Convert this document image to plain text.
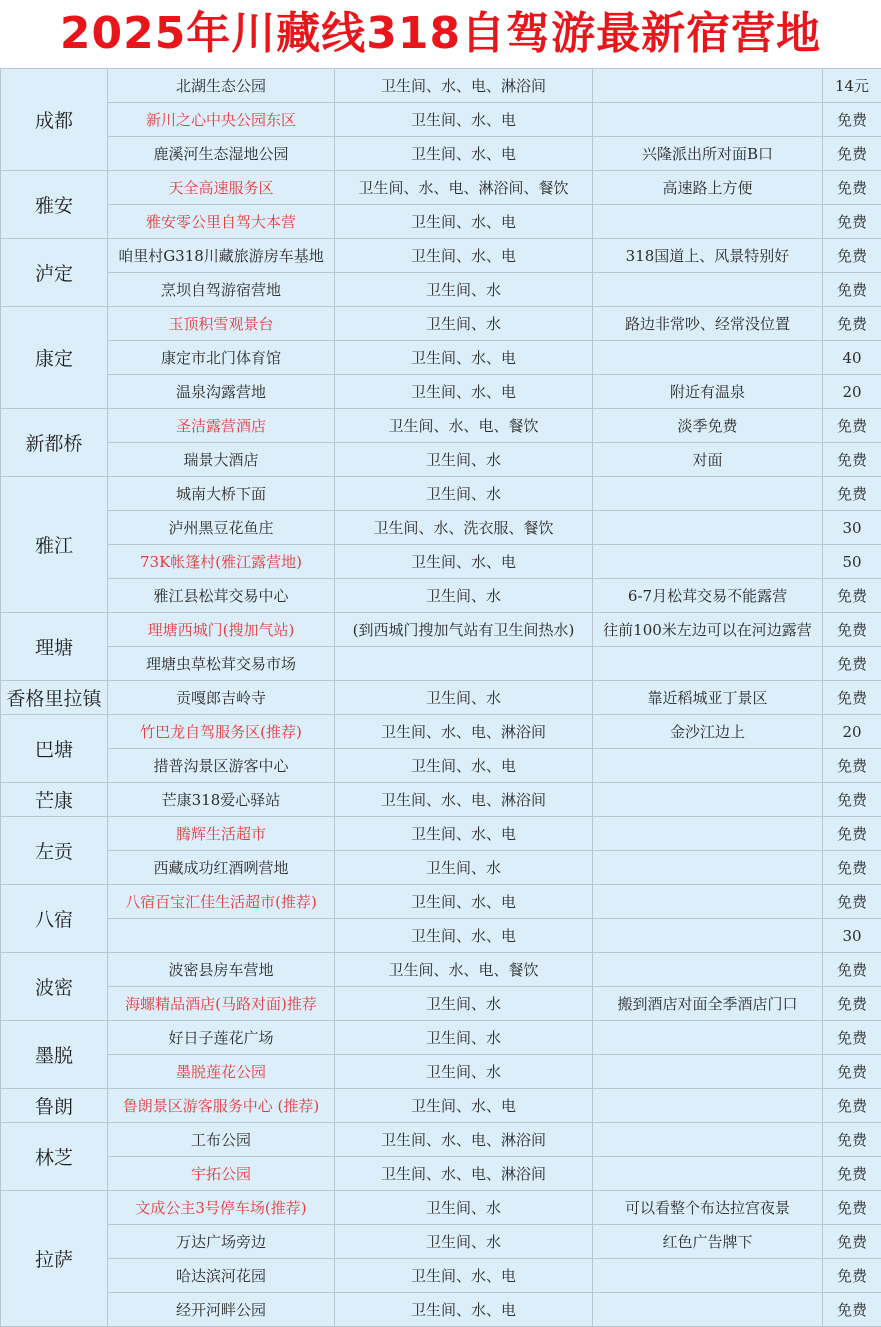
2025年川藏线318自驾游最新宿营地
成都	北湖生态公园	卫生间、水、电、淋浴间		14元
	新川之心中央公园东区	卫生间、水、电		免费
	鹿溪河生态湿地公园	卫生间、水、电	兴隆派出所对面B口	免费
雅安	天全高速服务区	卫生间、水、电、淋浴间、餐饮	高速路上方便	免费
	雅安零公里自驾大本营	卫生间、水、电		免费
泸定	咱里村G318川藏旅游房车基地	卫生间、水、电	318国道上、风景特别好	免费
	烹坝自驾游宿营地	卫生间、水		免费
康定	玉顶积雪观景台	卫生间、水	路边非常吵、经常没位置	免费
	康定市北门体育馆	卫生间、水、电		40
	温泉沟露营地	卫生间、水、电	附近有温泉	20
新都桥	圣洁露营酒店	卫生间、水、电、餐饮	淡季免费	免费
	瑞景大酒店	卫生间、水	对面	免费
雅江	城南大桥下面	卫生间、水		免费
	泸州黑豆花鱼庄	卫生间、水、洗衣服、餐饮		30
	73K帐篷村(雅江露营地)	卫生间、水、电		50
	雅江县松茸交易中心	卫生间、水	6-7月松茸交易不能露营	免费
理塘	理塘西城门(搜加气站)	(到西城门搜加气站有卫生间热水)	往前100米左边可以在河边露营	免费
	理塘虫草松茸交易市场			免费
香格里拉镇	贡嘎郎吉岭寺	卫生间、水	靠近稻城亚丁景区	免费
巴塘	竹巴龙自驾服务区(推荐)	卫生间、水、电、淋浴间	金沙江边上	20
	措普沟景区游客中心	卫生间、水、电		免费
芒康	芒康318爱心驿站	卫生间、水、电、淋浴间		免费
左贡	腾辉生活超市	卫生间、水、电		免费
	西藏成功红酒咧营地	卫生间、水		免费
八宿	八宿百宝汇佳生活超市(推荐)	卫生间、水、电		免费
		卫生间、水、电		30
波密	波密县房车营地	卫生间、水、电、餐饮		免费
	海螺精品酒店(马路对面)推荐	卫生间、水	搬到酒店对面全季酒店门口	免费
墨脱	好日子莲花广场	卫生间、水		免费
	墨脱莲花公园	卫生间、水		免费
鲁朗	鲁朗景区游客服务中心 (推荐)	卫生间、水、电		免费
林芝	工布公园	卫生间、水、电、淋浴间		免费
	宇拓公园	卫生间、水、电、淋浴间		免费
拉萨	文成公主3号停车场(推荐)	卫生间、水	可以看整个布达拉宫夜景	免费
	万达广场旁边	卫生间、水	红色广告牌下	免费
	哈达滨河花园	卫生间、水、电		免费
	经开河畔公园	卫生间、水、电		免费
